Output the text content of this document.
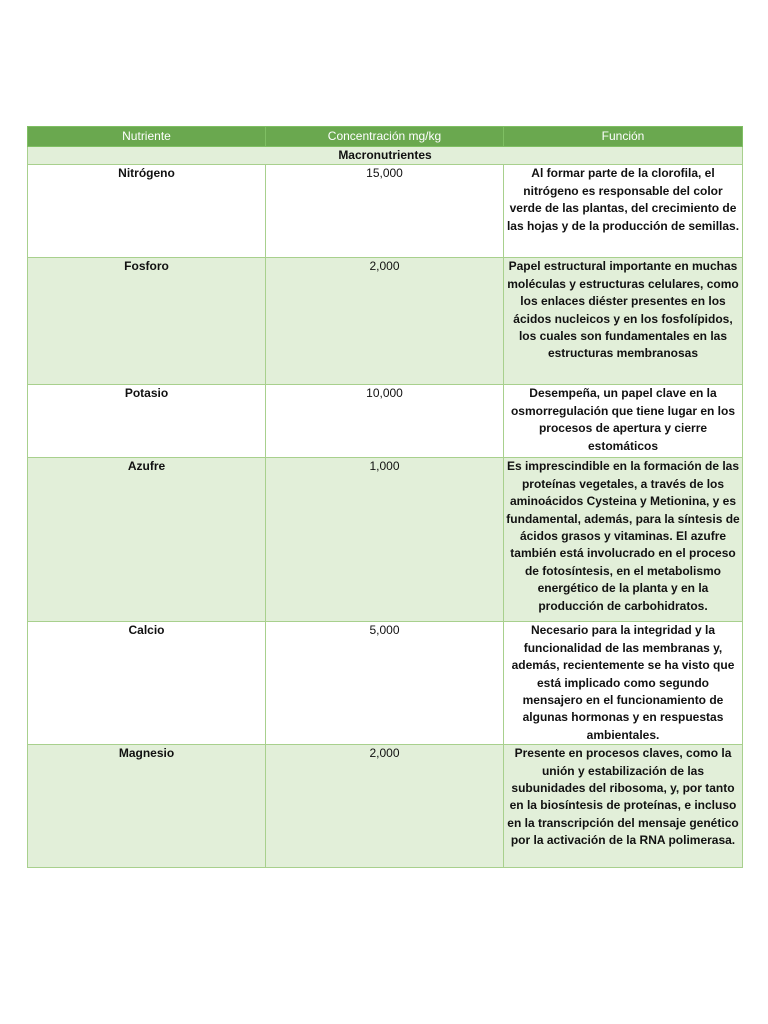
Nutriente	Concentración mg/kg	Función
Macronutrientes		
Nitrógeno	15,000	Al formar parte de la clorofila, el nitrógeno es responsable del color verde de las plantas, del crecimiento de las hojas y de la producción de semillas.
Fosforo	2,000	Papel estructural importante en muchas moléculas y estructuras celulares, como los enlaces diéster presentes en los ácidos nucleicos y en los fosfolípidos, los cuales son fundamentales en las estructuras membranosas
Potasio	10,000	Desempeña, un papel clave en la osmorregulación que tiene lugar en los procesos de apertura y cierre estomáticos
Azufre	1,000	Es imprescindible en la formación de las proteínas vegetales, a través de los aminoácidos Cysteina y Metionina, y es fundamental, además, para la síntesis de ácidos grasos y vitaminas. El azufre también está involucrado en el proceso de fotosíntesis, en el metabolismo energético de la planta y en la producción de carbohidratos.
Calcio	5,000	Necesario para la integridad y la funcionalidad de las membranas y, además, recientemente se ha visto que está implicado como segundo mensajero en el funcionamiento de algunas hormonas y en respuestas ambientales.
Magnesio	2,000	Presente en procesos claves, como la unión y estabilización de las subunidades del ribosoma, y, por tanto en la biosíntesis de proteínas, e incluso en la transcripción del mensaje genético por la activación de la RNA polimerasa.
